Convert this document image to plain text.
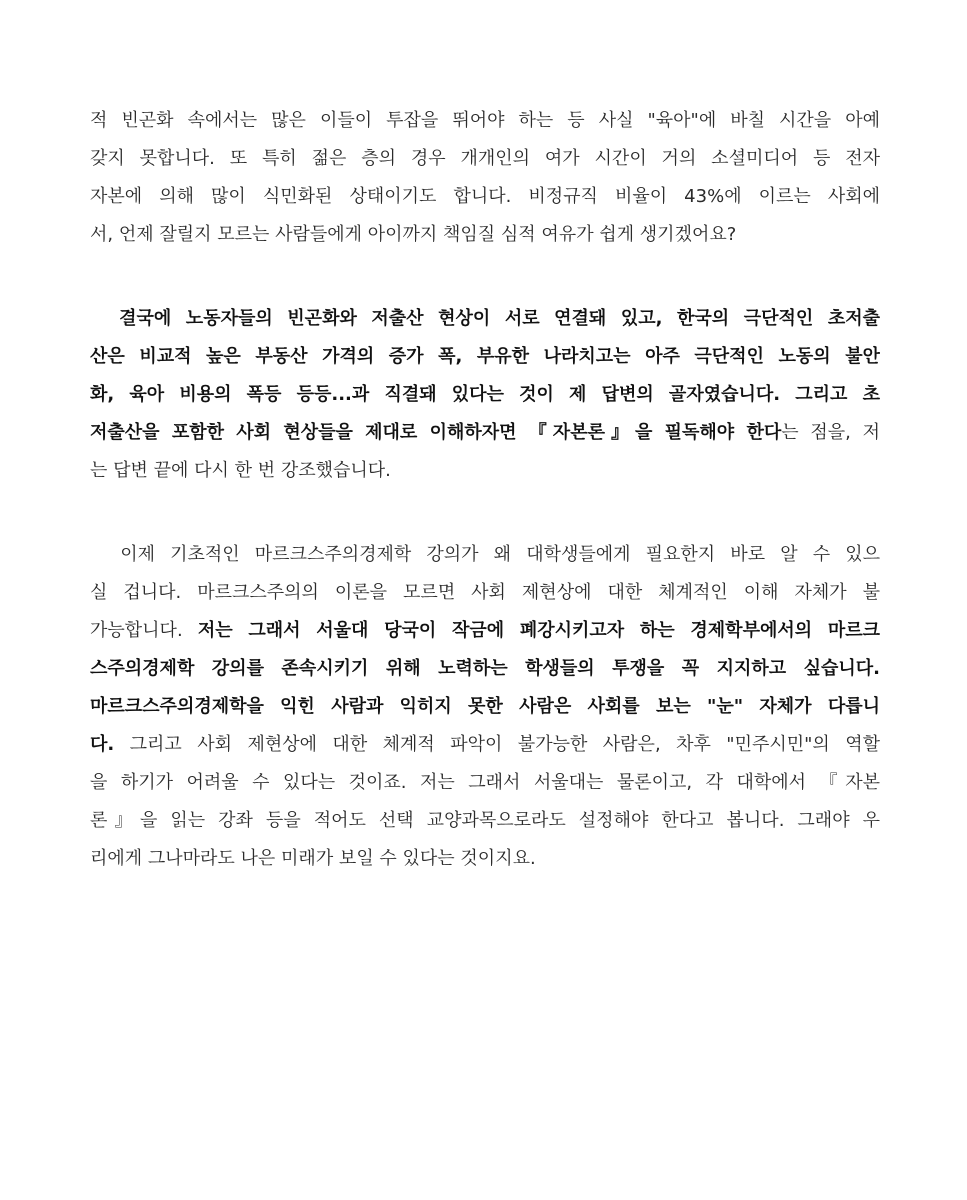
적 빈곤화 속에서는 많은 이들이 투잡을 뛰어야 하는 등 사실 "육아"에 바칠 시간을 아예
갖지 못합니다. 또 특히 젊은 층의 경우 개개인의 여가 시간이 거의 소셜미디어 등 전자
자본에 의해 많이 식민화된 상태이기도 합니다. 비정규직 비율이 43%에 이르는 사회에
서, 언제 잘릴지 모르는 사람들에게 아이까지 책임질 심적 여유가 쉽게 생기겠어요?
결국에 노동자들의 빈곤화와 저출산 현상이 서로 연결돼 있고, 한국의 극단적인 초저출
산은 비교적 높은 부동산 가격의 증가 폭, 부유한 나라치고는 아주 극단적인 노동의 불안
화, 육아 비용의 폭등 등등...과 직결돼 있다는 것이 제 답변의 골자였습니다. 그리고 초
저출산을 포함한 사회 현상들을 제대로 이해하자면 『자본론』을 필독해야 한다는 점을, 저
는 답변 끝에 다시 한 번 강조했습니다.
이제 기초적인 마르크스주의경제학 강의가 왜 대학생들에게 필요한지 바로 알 수 있으
실 겁니다. 마르크스주의의 이론을 모르면 사회 제현상에 대한 체계적인 이해 자체가 불
가능합니다. 저는 그래서 서울대 당국이 작금에 폐강시키고자 하는 경제학부에서의 마르크
스주의경제학 강의를 존속시키기 위해 노력하는 학생들의 투쟁을 꼭 지지하고 싶습니다.
마르크스주의경제학을 익힌 사람과 익히지 못한 사람은 사회를 보는 "눈" 자체가 다릅니
다. 그리고 사회 제현상에 대한 체계적 파악이 불가능한 사람은, 차후 "민주시민"의 역할
을 하기가 어려울 수 있다는 것이죠. 저는 그래서 서울대는 물론이고, 각 대학에서 『자본
론』을 읽는 강좌 등을 적어도 선택 교양과목으로라도 설정해야 한다고 봅니다. 그래야 우
리에게 그나마라도 나은 미래가 보일 수 있다는 것이지요.
